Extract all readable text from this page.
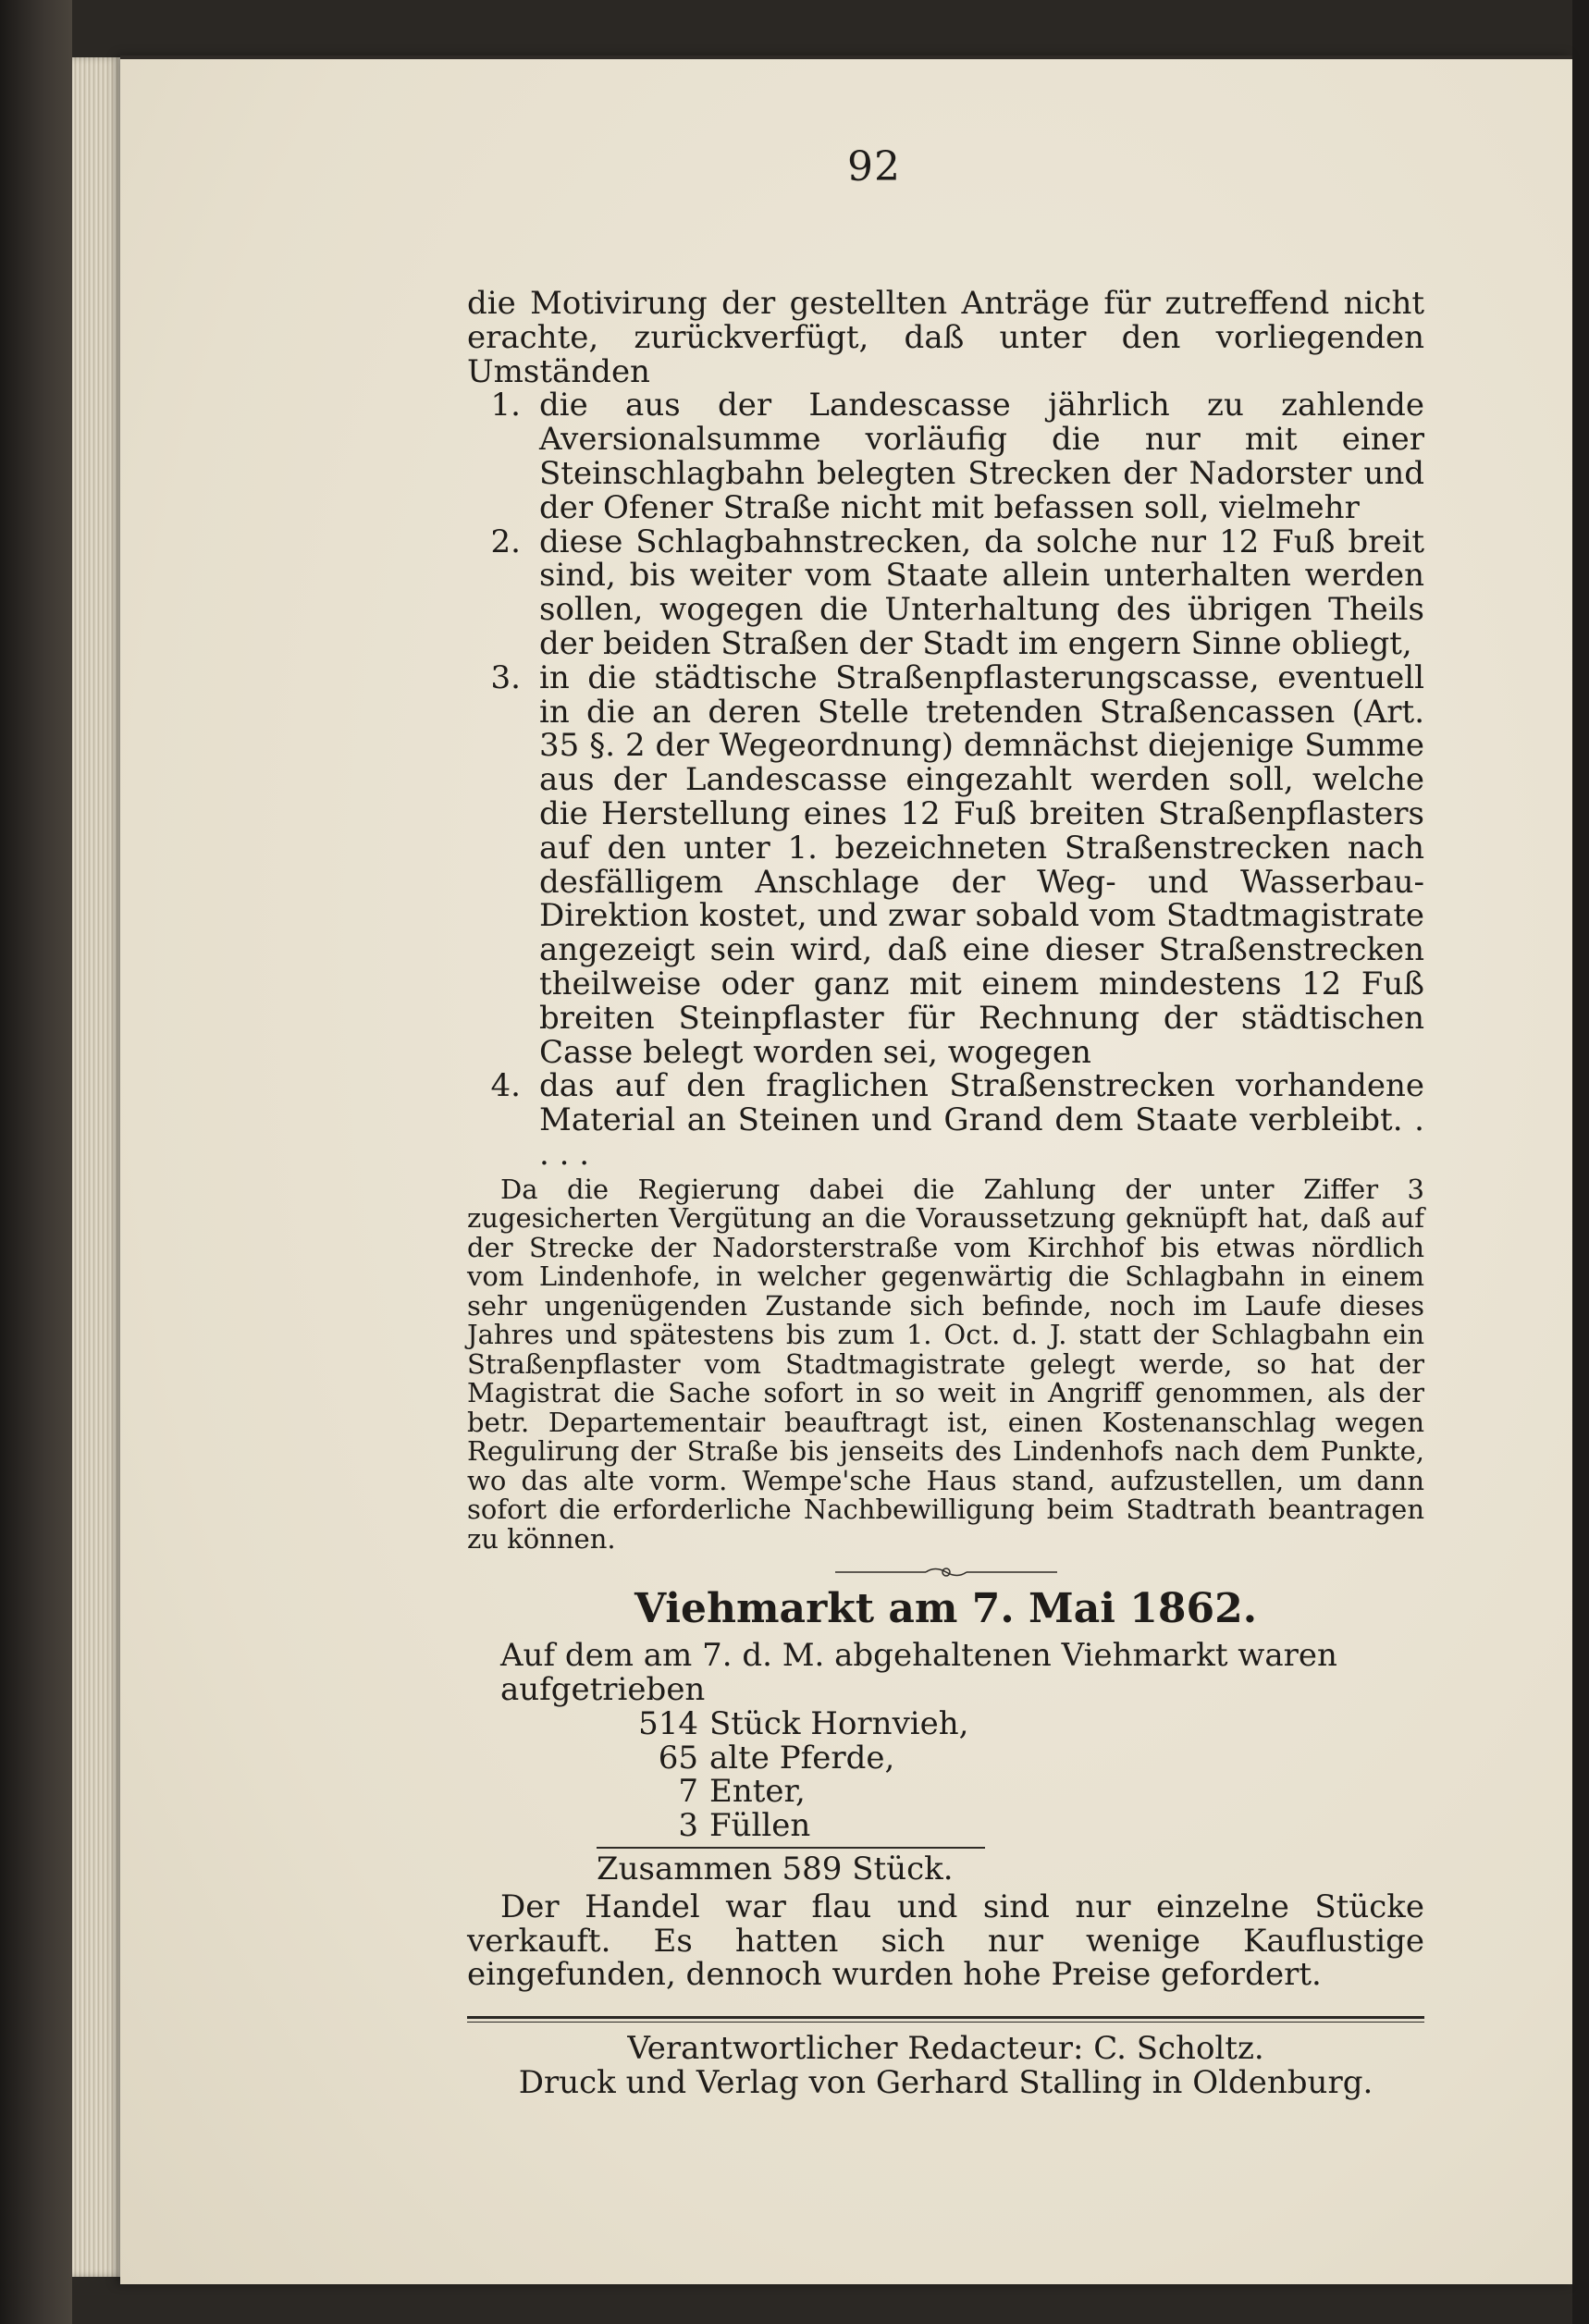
92

die Motivirung der gestellten Anträge für zutreffend nicht erachte, zurückverfügt, daß unter den vorliegenden Umständen

1. die aus der Landescasse jährlich zu zahlende Aversionalsumme vorläufig die nur mit einer Steinschlagbahn belegten Strecken der Nadorster und der Ofener Straße nicht mit befassen soll, vielmehr

2. diese Schlagbahnstrecken, da solche nur 12 Fuß breit sind, bis weiter vom Staate allein unterhalten werden sollen, wogegen die Unterhaltung des übrigen Theils der beiden Straßen der Stadt im engern Sinne obliegt,

3. in die städtische Straßenpflasterungscasse, eventuell in die an deren Stelle tretenden Straßencassen (Art. 35 §. 2 der Wegeordnung) demnächst diejenige Summe aus der Landescasse eingezahlt werden soll, welche die Herstellung eines 12 Fuß breiten Straßenpflasters auf den unter 1. bezeichneten Straßenstrecken nach desfälligem Anschlage der Weg- und Wasserbau-Direktion kostet, und zwar sobald vom Stadtmagistrate angezeigt sein wird, daß eine dieser Straßenstrecken theilweise oder ganz mit einem mindestens 12 Fuß breiten Steinpflaster für Rechnung der städtischen Casse belegt worden sei, wogegen

4. das auf den fraglichen Straßenstrecken vorhandene Material an Steinen und Grand dem Staate verbleibt. . . . .

Da die Regierung dabei die Zahlung der unter Ziffer 3 zugesicherten Vergütung an die Voraussetzung geknüpft hat, daß auf der Strecke der Nadorsterstraße vom Kirchhof bis etwas nördlich vom Lindenhofe, in welcher gegenwärtig die Schlagbahn in einem sehr ungenügenden Zustande sich befinde, noch im Laufe dieses Jahres und spätestens bis zum 1. Oct. d. J. statt der Schlagbahn ein Straßenpflaster vom Stadtmagistrate gelegt werde, so hat der Magistrat die Sache sofort in so weit in Angriff genommen, als der betr. Departementair beauftragt ist, einen Kostenanschlag wegen Regulirung der Straße bis jenseits des Lindenhofs nach dem Punkte, wo das alte vorm. Wempe'sche Haus stand, aufzustellen, um dann sofort die erforderliche Nachbewilligung beim Stadtrath beantragen zu können.

Viehmarkt am 7. Mai 1862.

Auf dem am 7. d. M. abgehaltenen Viehmarkt waren aufgetrieben

514 Stück Hornvieh,
65 alte Pferde,
7 Enter,
3 Füllen

Zusammen 589 Stück.

Der Handel war flau und sind nur einzelne Stücke verkauft. Es hatten sich nur wenige Kauflustige eingefunden, dennoch wurden hohe Preise gefordert.

Verantwortlicher Redacteur: C. Scholtz.

Druck und Verlag von Gerhard Stalling in Oldenburg.
